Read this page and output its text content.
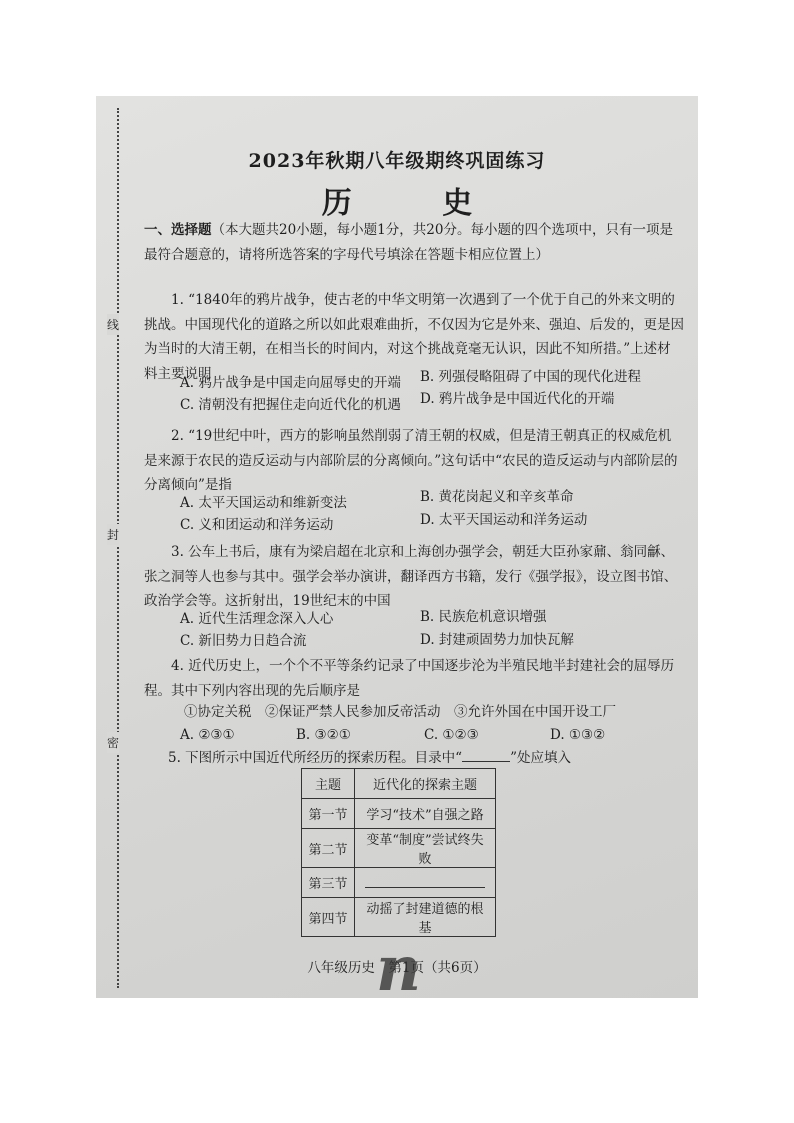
线
封
密
2023年秋期八年级期终巩固练习
历 史
一、选择题（本大题共20小题，每小题1分，共20分。每小题的四个选项中，只有一项是最符合题意的，请将所选答案的字母代号填涂在答题卡相应位置上）
1. “1840年的鸦片战争，使古老的中华文明第一次遇到了一个优于自己的外来文明的挑战。中国现代化的道路之所以如此艰难曲折，不仅因为它是外来、强迫、后发的，更是因为当时的大清王朝，在相当长的时间内，对这个挑战竟毫无认识，因此不知所措。”上述材料主要说明
A. 鸦片战争是中国走向屈辱史的开端 B. 列强侵略阻碍了中国的现代化进程
C. 清朝没有把握住走向近代化的机遇 D. 鸦片战争是中国近代化的开端
2. “19世纪中叶，西方的影响虽然削弱了清王朝的权威，但是清王朝真正的权威危机是来源于农民的造反运动与内部阶层的分离倾向。”这句话中“农民的造反运动与内部阶层的分离倾向”是指
A. 太平天国运动和维新变法	B. 黄花岗起义和辛亥革命
C. 义和团运动和洋务运动	D. 太平天国运动和洋务运动
3. 公车上书后，康有为梁启超在北京和上海创办强学会，朝廷大臣孙家鼐、翁同龢、张之洞等人也参与其中。强学会举办演讲，翻译西方书籍，发行《强学报》，设立图书馆、政治学会等。这折射出，19世纪末的中国
A. 近代生活理念深入人心	B. 民族危机意识增强
C. 新旧势力日趋合流	D. 封建顽固势力加快瓦解
4. 近代历史上，一个个不平等条约记录了中国逐步沦为半殖民地半封建社会的屈辱历程。其中下列内容出现的先后顺序是
①协定关税　②保证严禁人民参加反帝活动　③允许外国在中国开设工厂
A. ②③①	B. ③②①	C. ①②③	D. ①③②
5. 下图所示中国近代所经历的探索历程。目录中“	”处应填入
主题	近代化的探索主题
第一节	学习“技术”自强之路
第二节	变革“制度”尝试终失败
第三节	
第四节	动摇了封建道德的根基
八年级历史　第1页（共6页）
n
